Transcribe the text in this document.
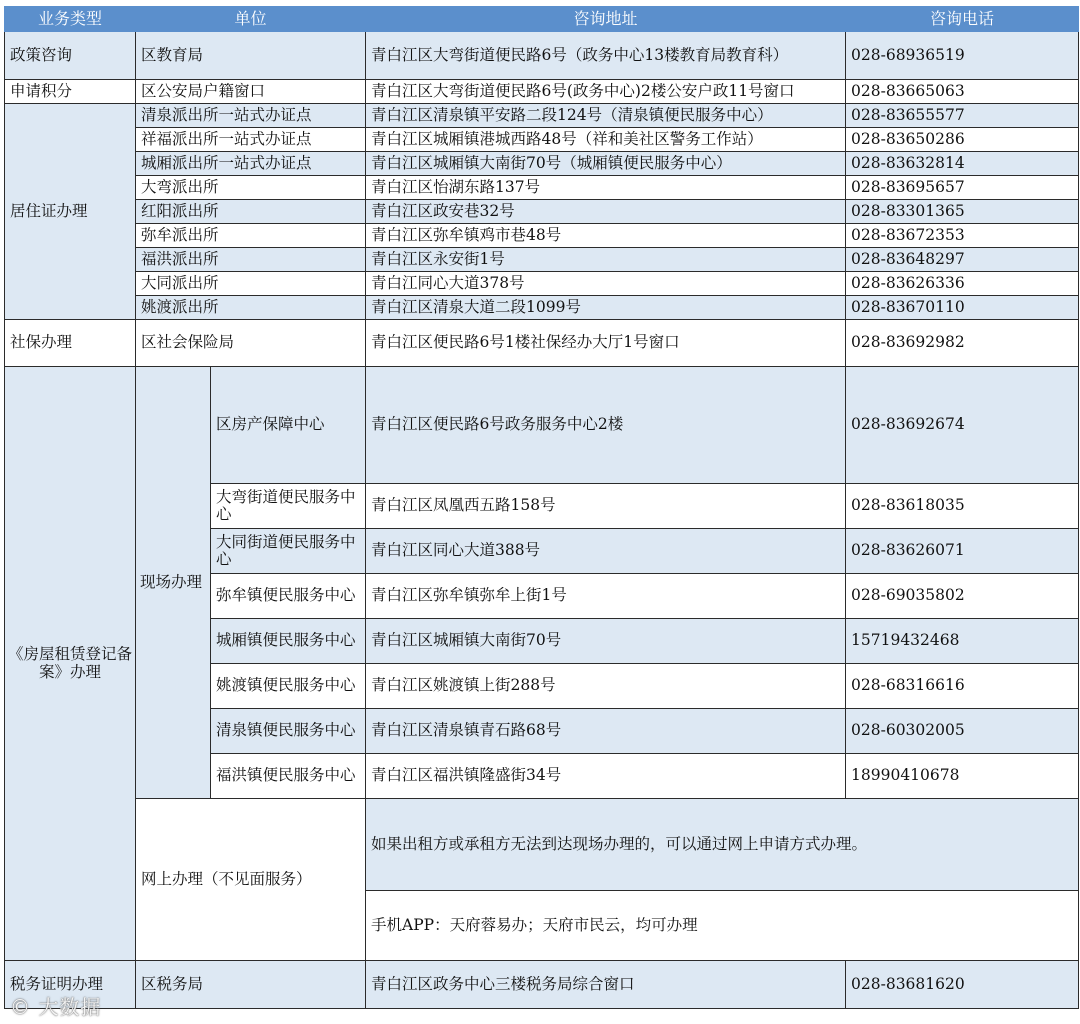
业务类型	单位		咨询地址	咨询电话
政策咨询	区教育局		青白江区大弯街道便民路6号（政务中心13楼教育局教育科）	028-68936519
申请积分	区公安局户籍窗口		青白江区大弯街道便民路6号(政务中心)2楼公安户政11号窗口	028-83665063
居住证办理	清泉派出所一站式办证点		青白江区清泉镇平安路二段124号（清泉镇便民服务中心）	028-83655577
	祥福派出所一站式办证点		青白江区城厢镇港城西路48号（祥和美社区警务工作站）	028-83650286
	城厢派出所一站式办证点		青白江区城厢镇大南街70号（城厢镇便民服务中心）	028-83632814
	大弯派出所		青白江区怡湖东路137号	028-83695657
	红阳派出所		青白江区政安巷32号	028-83301365
	弥牟派出所		青白江区弥牟镇鸡市巷48号	028-83672353
	福洪派出所		青白江区永安街1号	028-83648297
	大同派出所		青白江同心大道378号	028-83626336
	姚渡派出所		青白江区清泉大道二段1099号	028-83670110
社保办理	区社会保险局		青白江区便民路6号1楼社保经办大厅1号窗口	028-83692982
《房屋租赁登记备案》办理	现场办理	区房产保障中心	青白江区便民路6号政务服务中心2楼	028-83692674
		大弯街道便民服务中心	青白江区凤凰西五路158号	028-83618035
		大同街道便民服务中心	青白江区同心大道388号	028-83626071
		弥牟镇便民服务中心	青白江区弥牟镇弥牟上街1号	028-69035802
		城厢镇便民服务中心	青白江区城厢镇大南街70号	15719432468
		姚渡镇便民服务中心	青白江区姚渡镇上街288号	028-68316616
		清泉镇便民服务中心	青白江区清泉镇青石路68号	028-60302005
		福洪镇便民服务中心	青白江区福洪镇隆盛街34号	18990410678
	网上办理（不见面服务）		如果出租方或承租方无法到达现场办理的，可以通过网上申请方式办理。	

			手机APP：天府蓉易办；天府市民云，均可办理	
税务证明办理	区税务局		青白江区政务中心三楼税务局综合窗口	028-83681620
© 大数据
